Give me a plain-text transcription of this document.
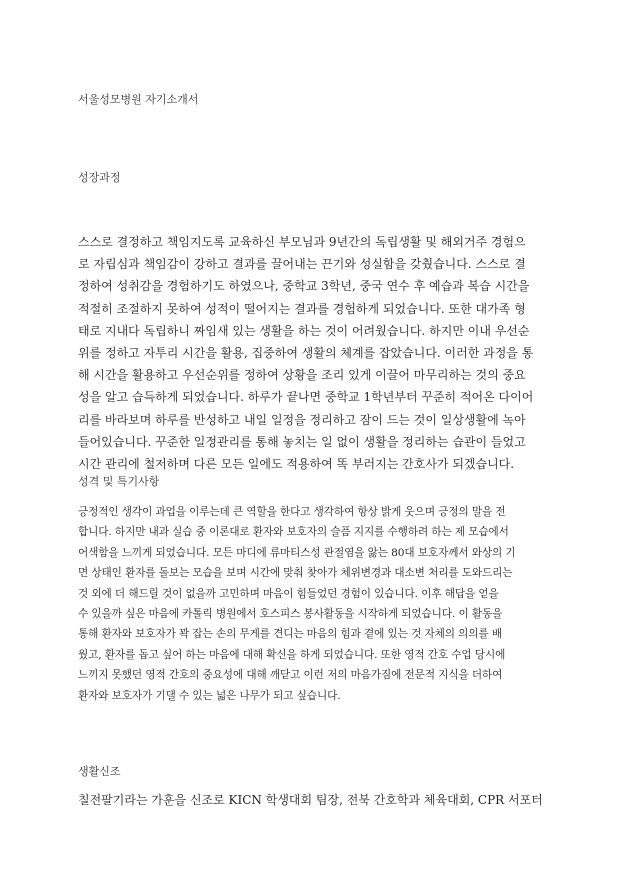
서울성모병원 자기소개서
성장과정

스스로 결정하고 책임지도록 교육하신 부모님과 9년간의 독립생활 및 해외거주 경험으
로 자립심과 책임감이 강하고 결과를 끌어내는 끈기와 성실함을 갖췄습니다. 스스로 결
정하여 성취감을 경험하기도 하였으나, 중학교 3학년, 중국 연수 후 예습과 복습 시간을
적절히 조절하지 못하여 성적이 떨어지는 결과를 경험하게 되었습니다. 또한 대가족 형
태로 지내다 독립하니 짜임새 있는 생활을 하는 것이 어려웠습니다. 하지만 이내 우선순
위를 정하고 자투리 시간을 활용, 집중하여 생활의 체계를 잡았습니다. 이러한 과정을 통
해 시간을 활용하고 우선순위를 정하여 상황을 조리 있게 이끌어 마무리하는 것의 중요
성을 알고 습득하게 되었습니다. 하루가 끝나면 중학교 1학년부터 꾸준히 적어온 다이어
리를 바라보며 하루를 반성하고 내일 일정을 정리하고 잠이 드는 것이 일상생활에 녹아
들어있습니다. 꾸준한 일정관리를 통해 놓치는 일 없이 생활을 정리하는 습관이 들었고
시간 관리에 철저하며 다른 모든 일에도 적용하여 똑 부러지는 간호사가 되겠습니다.

성격 및 특기사항

긍정적인 생각이 과업을 이루는데 큰 역할을 한다고 생각하여 항상 밝게 웃으며 긍정의 말을 전
합니다. 하지만 내과 실습 중 이론대로 환자와 보호자의 슬픔 지지를 수행하려 하는 제 모습에서
어색함을 느끼게 되었습니다. 모든 마디에 류마티스성 관절염을 앓는 80대 보호자께서 와상의 기
면 상태인 환자를 돌보는 모습을 보며 시간에 맞춰 찾아가 체위변경과 대소변 처리를 도와드리는
것 외에 더 해드릴 것이 없을까 고민하며 마음이 힘들었던 경험이 있습니다. 이후 해답을 얻을
수 있을까 싶은 마음에 카톨릭 병원에서 호스피스 봉사활동을 시작하게 되었습니다. 이 활동을
통해 환자와 보호자가 꽉 잡는 손의 무게를 견디는 마음의 힘과 곁에 있는 것 자체의 의의를 배
웠고, 환자를 돕고 싶어 하는 마음에 대해 확신을 하게 되었습니다. 또한 영적 간호 수업 당시에
느끼지 못했던 영적 간호의 중요성에 대해 깨닫고 이런 저의 마음가짐에 전문적 지식을 더하여
환자와 보호자가 기댈 수 있는 넓은 나무가 되고 싶습니다.

생활신조

칠전팔기라는 가훈을 신조로 KICN 학생대회 팀장, 전북 간호학과 체육대회, CPR 서포터
